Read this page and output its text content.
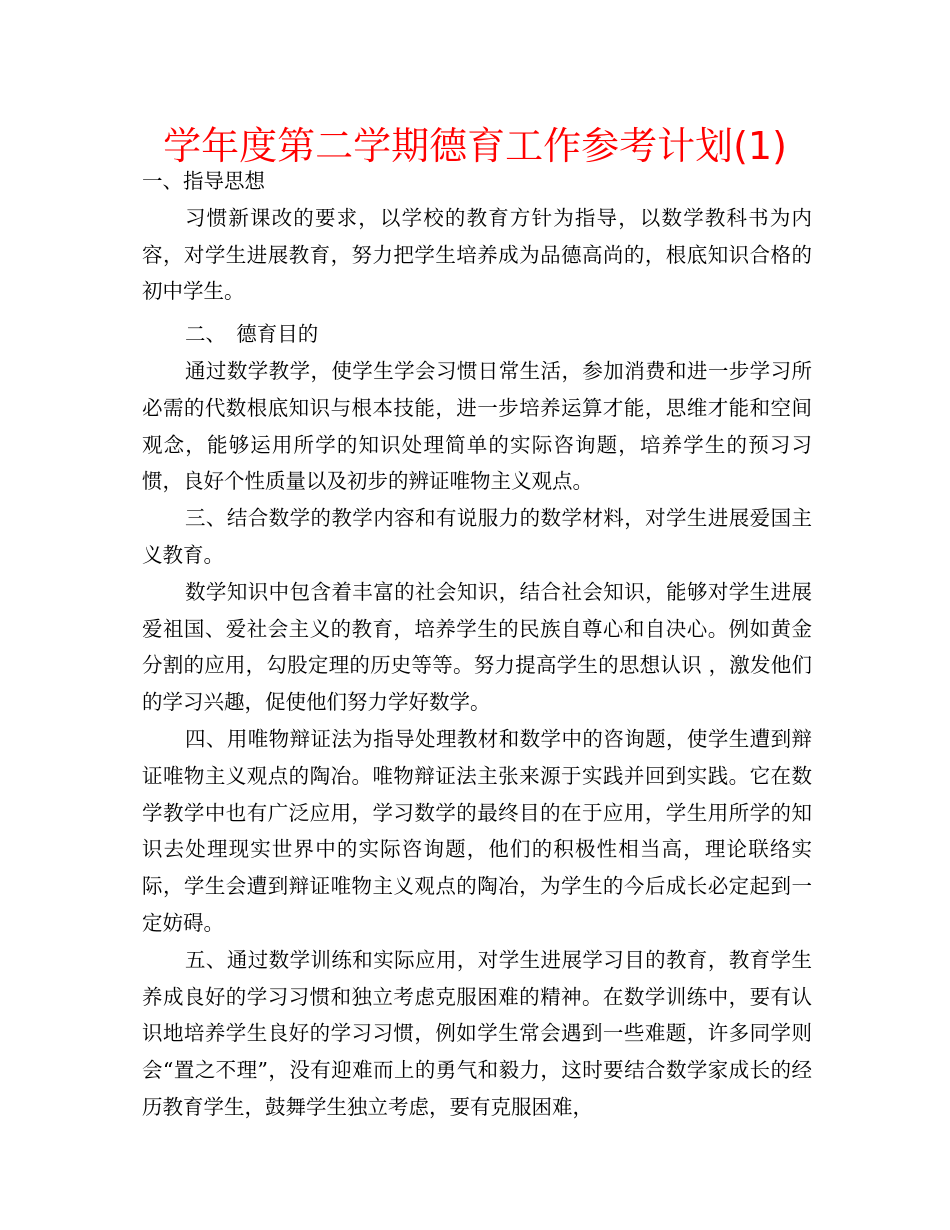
学年度第二学期德育工作参考计划(1)

一、指导思想

习惯新课改的要求，以学校的教育方针为指导，以数学教科书为内容，对学生进展教育，努力把学生培养成为品德高尚的，根底知识合格的初中学生。

二、　德育目的

通过数学教学，使学生学会习惯日常生活，参加消费和进一步学习所必需的代数根底知识与根本技能，进一步培养运算才能，思维才能和空间观念，能够运用所学的知识处理简单的实际咨询题，培养学生的预习习惯，良好个性质量以及初步的辨证唯物主义观点。

三、结合数学的教学内容和有说服力的数学材料，对学生进展爱国主义教育。

数学知识中包含着丰富的社会知识，结合社会知识，能够对学生进展爱祖国、爱社会主义的教育，培养学生的民族自尊心和自决心。例如黄金分割的应用，勾股定理的历史等等。努力提高学生的思想认识 ，激发他们的学习兴趣，促使他们努力学好数学。

四、用唯物辩证法为指导处理教材和数学中的咨询题，使学生遭到辩证唯物主义观点的陶冶。唯物辩证法主张来源于实践并回到实践。它在数学教学中也有广泛应用，学习数学的最终目的在于应用，学生用所学的知识去处理现实世界中的实际咨询题，他们的积极性相当高，理论联络实际，学生会遭到辩证唯物主义观点的陶冶，为学生的今后成长必定起到一定妨碍。

五、通过数学训练和实际应用，对学生进展学习目的教育，教育学生养成良好的学习习惯和独立考虑克服困难的精神。在数学训练中，要有认识地培养学生良好的学习习惯，例如学生常会遇到一些难题，许多同学则会“置之不理”，没有迎难而上的勇气和毅力，这时要结合数学家成长的经历教育学生，鼓舞学生独立考虑，要有克服困难，
